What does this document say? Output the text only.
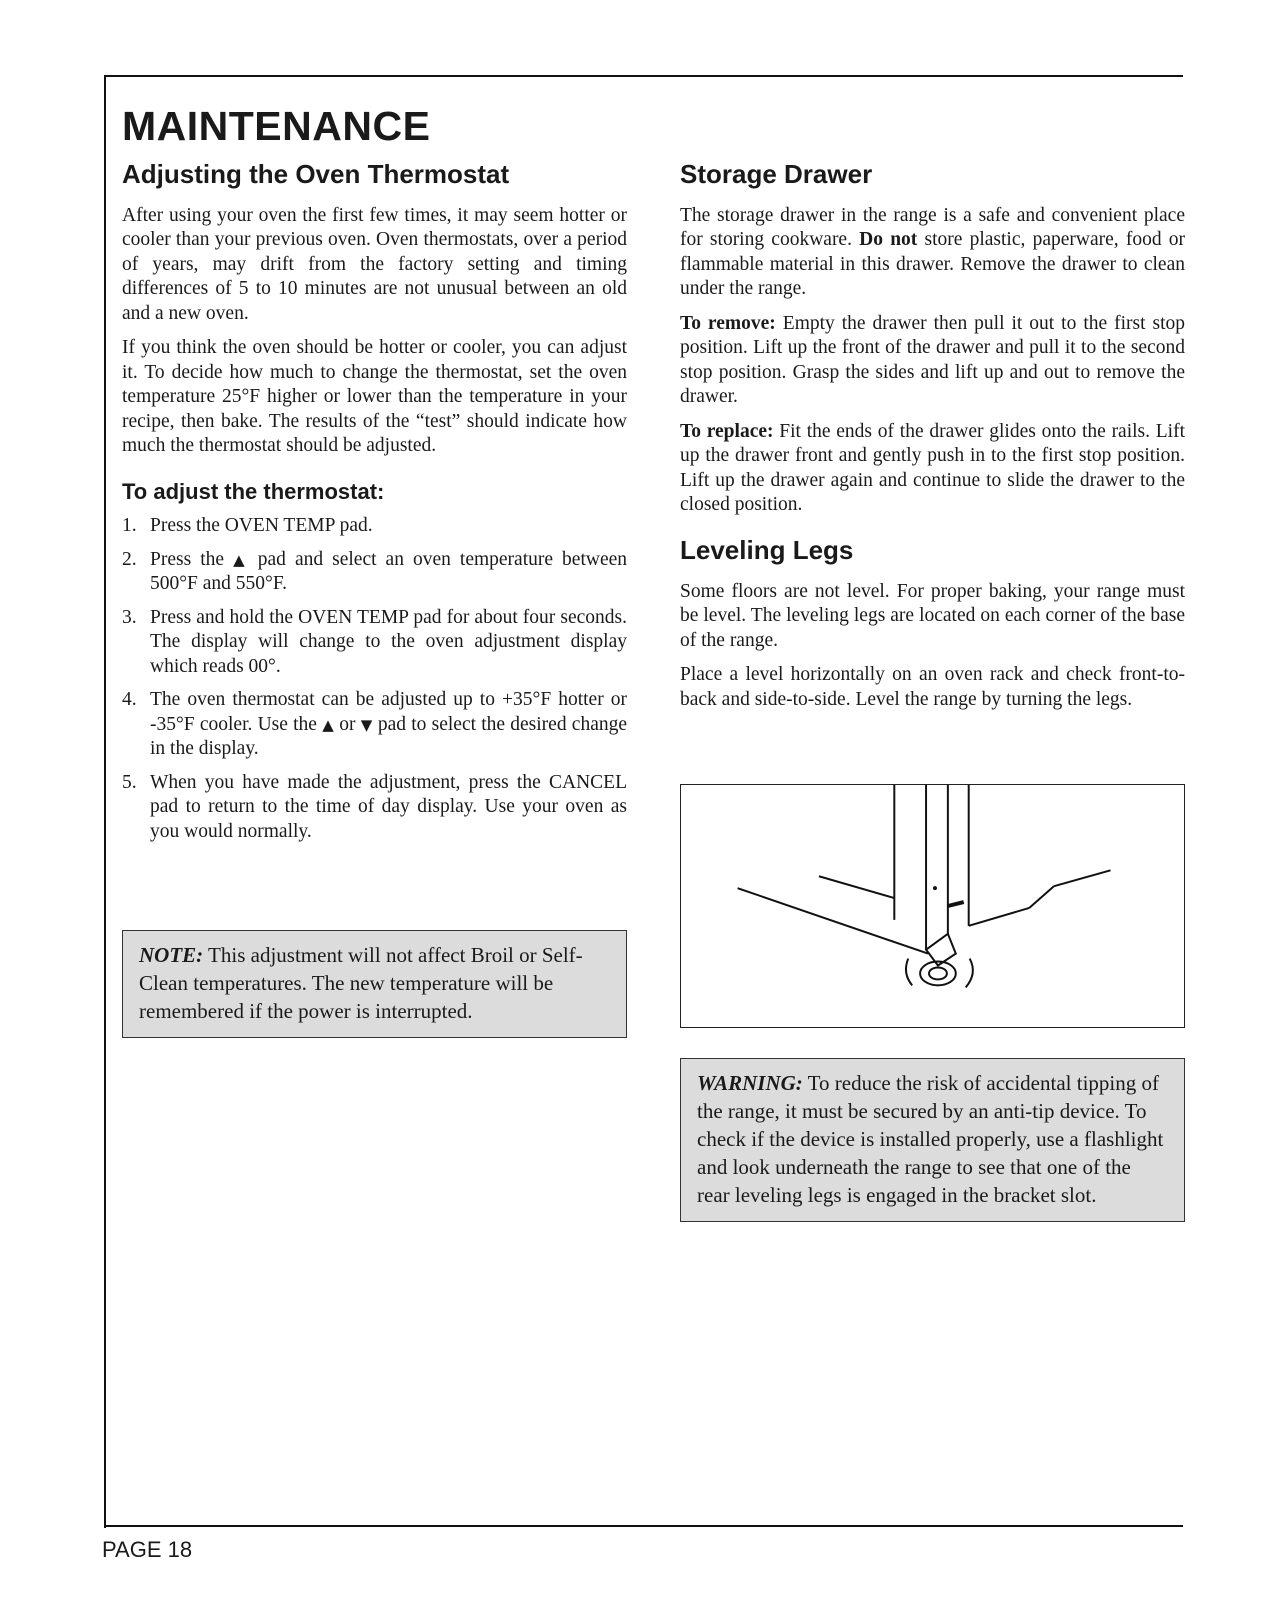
MAINTENANCE
Adjusting the Oven Thermostat

After using your oven the first few times, it may seem hotter or cooler than your previous oven. Oven thermostats, over a period of years, may drift from the factory setting and timing differences of 5 to 10 minutes are not unusual between an old and a new oven.

If you think the oven should be hotter or cooler, you can adjust it. To decide how much to change the thermostat, set the oven temperature 25°F higher or lower than the temperature in your recipe, then bake. The results of the “test” should indicate how much the thermostat should be adjusted.

To adjust the thermostat:
1. Press the OVEN TEMP pad.
2. Press the ▲ pad and select an oven temperature between 500°F and 550°F.
3. Press and hold the OVEN TEMP pad for about four seconds. The display will change to the oven adjustment display which reads 00°.
4. The oven thermostat can be adjusted up to +35°F hotter or -35°F cooler. Use the ▲ or ▼ pad to select the desired change in the display.
5. When you have made the adjustment, press the CANCEL pad to return to the time of day display. Use your oven as you would normally.

NOTE: This adjustment will not affect Broil or Self-Clean temperatures. The new temperature will be remembered if the power is interrupted.

Storage Drawer

The storage drawer in the range is a safe and convenient place for storing cookware. Do not store plastic, paperware, food or flammable material in this drawer. Remove the drawer to clean under the range.

To remove: Empty the drawer then pull it out to the first stop position. Lift up the front of the drawer and pull it to the second stop position. Grasp the sides and lift up and out to remove the drawer.

To replace: Fit the ends of the drawer glides onto the rails. Lift up the drawer front and gently push in to the first stop position. Lift up the drawer again and continue to slide the drawer to the closed position.

Leveling Legs

Some floors are not level. For proper baking, your range must be level. The leveling legs are located on each corner of the base of the range.

Place a level horizontally on an oven rack and check front-to-back and side-to-side. Level the range by turning the legs.

WARNING: To reduce the risk of accidental tipping of the range, it must be secured by an anti-tip device. To check if the device is installed properly, use a flashlight and look underneath the range to see that one of the rear leveling legs is engaged in the bracket slot.

PAGE 18
